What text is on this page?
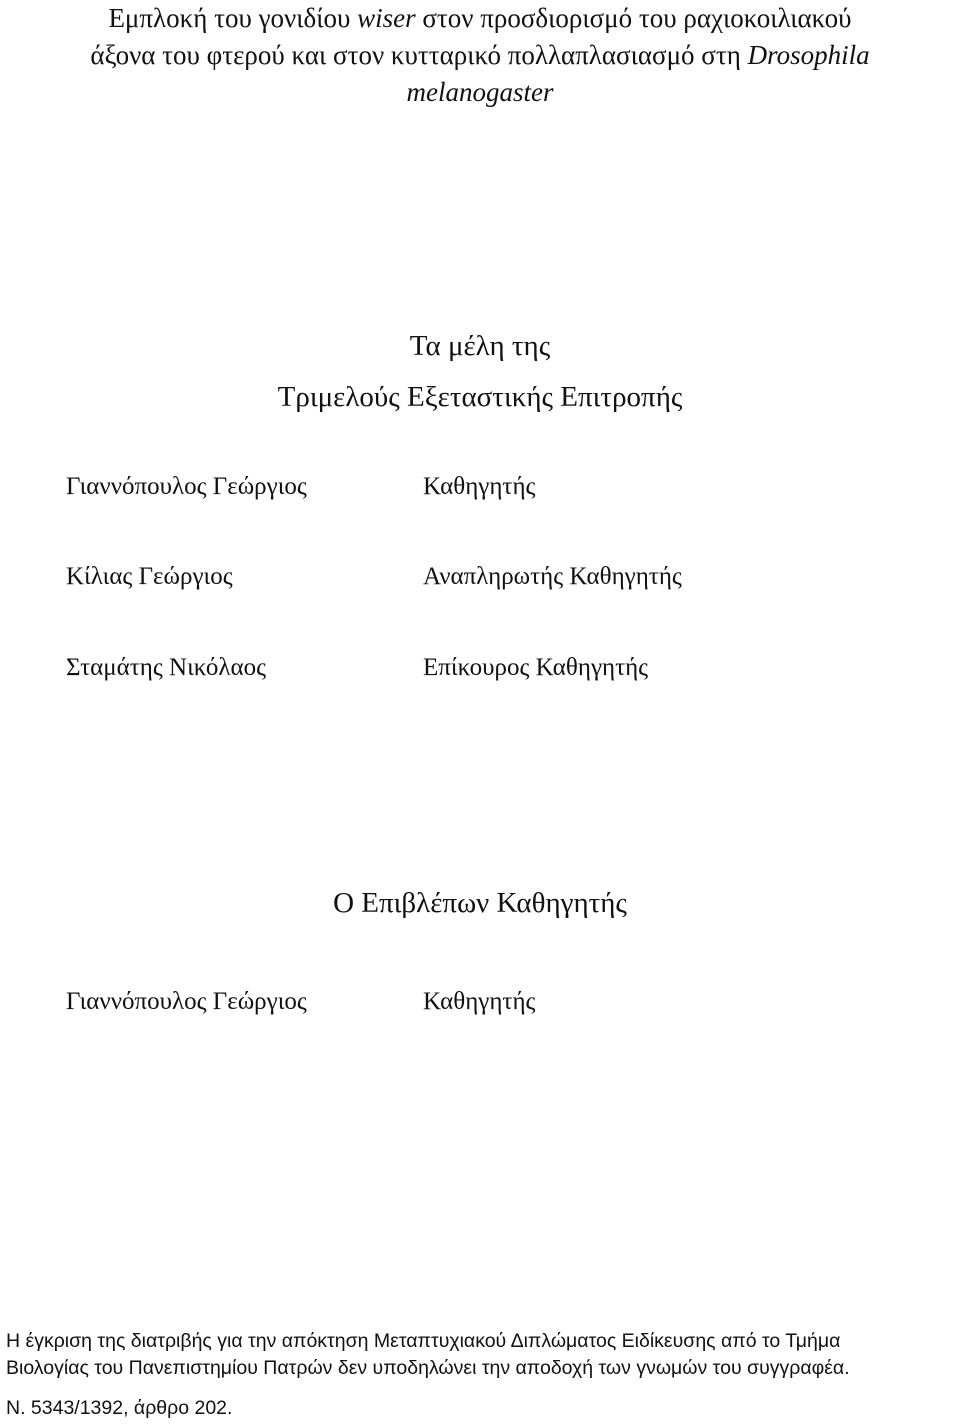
Εμπλοκή του γονιδίου wiser στον προσδιορισμό του ραχιοκοιλιακού
άξονα του φτερού και στον κυτταρικό πολλαπλασιασμό στη Drosophila
melanogaster
Τα μέλη της
Τριμελούς Εξεταστικής Επιτροπής
Γιαννόπουλος Γεώργιος	Καθηγητής
Κίλιας Γεώργιος	Αναπληρωτής Καθηγητής
Σταμάτης Νικόλαος	Επίκουρος Καθηγητής
Ο Επιβλέπων Καθηγητής
Γιαννόπουλος Γεώργιος	Καθηγητής
Η έγκριση της διατριβής για την απόκτηση Μεταπτυχιακού Διπλώματος Ειδίκευσης από το Τμήμα
Βιολογίας του Πανεπιστημίου Πατρών δεν υποδηλώνει την αποδοχή των γνωμών του συγγραφέα.
Ν. 5343/1392, άρθρο 202.
